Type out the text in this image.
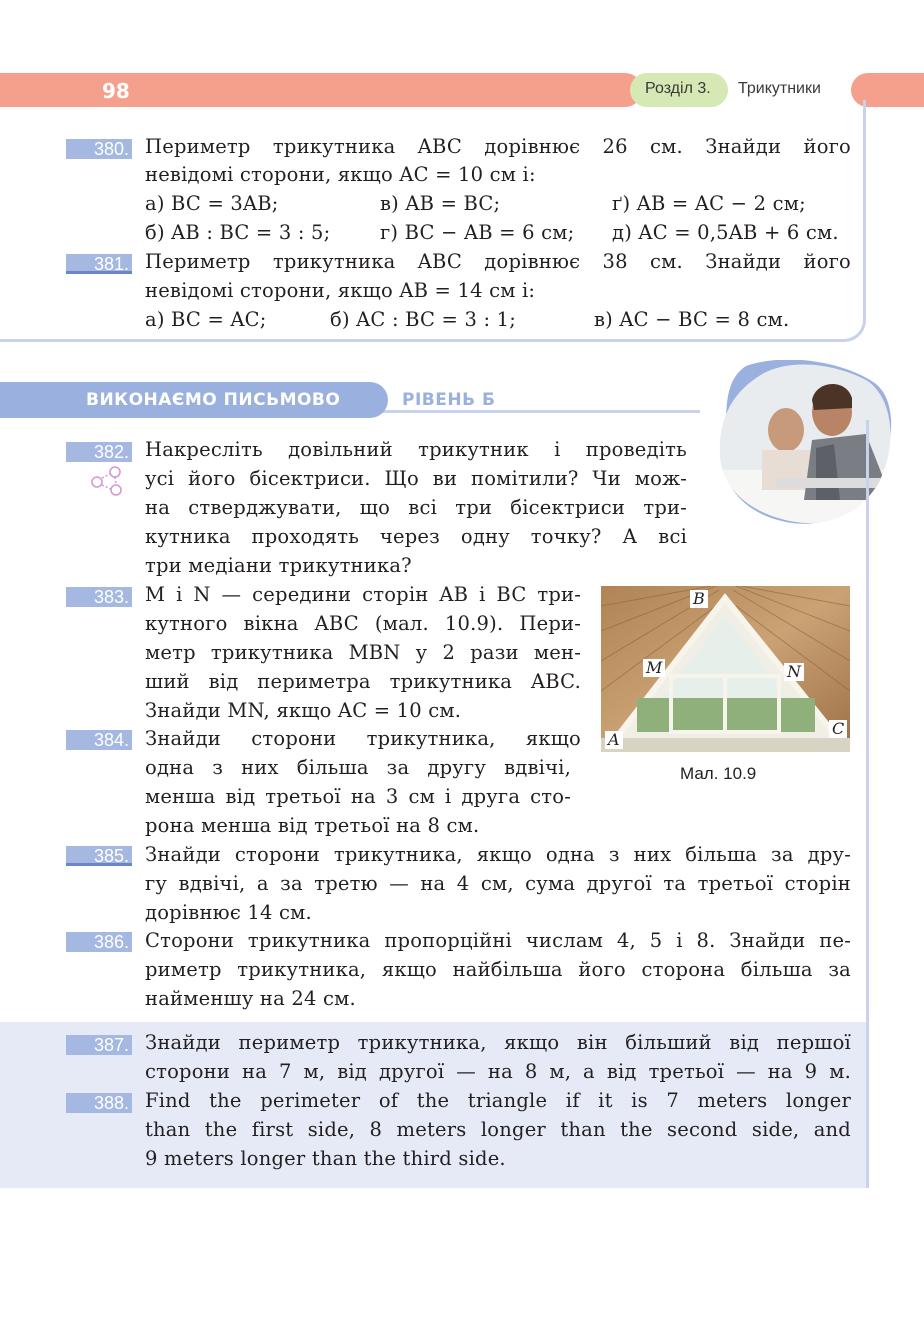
98	Розділ 3. Трикутники
380. Периметр трикутника ABC дорівнює 26 см. Знайди його
невідомі сторони, якщо AC = 10 см і:
а) BC = 3AB;	в) AB = BC;	ґ) AB = AC − 2 см;
б) AB : BC = 3 : 5;	г) BC − AB = 6 см; д) AC = 0,5AB + 6 см.
381. Периметр трикутника ABC дорівнює 38 см. Знайди його
невідомі сторони, якщо AB = 14 см і:
а) BC = AC;	б) AC : BC = 3 : 1;	в) AC − BC = 8 см.
ВИКОНАЄМО ПИСЬМОВО	РІВЕНЬ Б
382. Накресліть довільний трикутник і проведіть
усі його бісектриси. Що ви помітили? Чи мож-
на стверджувати, що всі три бісектриси три-
кутника проходять через одну точку? А всі
три медіани трикутника?
383. M і N — середини сторін AB і BC три-
кутного вікна ABC (мал. 10.9). Пери-
метр трикутника MBN у 2 рази мен-
ший від периметра трикутника ABC.
Знайди MN, якщо AC = 10 см.
384. Знайди сторони трикутника, якщо
одна з них більша за другу вдвічі,
менша від третьої на 3 см і друга сто-
рона менша від третьої на 8 см.
B
M	N
A
C
Мал. 10.9
385. Знайди сторони трикутника, якщо одна з них більша за дру-
гу вдвічі, а за третю — на 4 см, сума другої та третьої сторін
дорівнює 14 см.
386. Сторони трикутника пропорційні числам 4, 5 і 8. Знайди пе-
риметр трикутника, якщо найбільша його сторона більша за
найменшу на 24 см.
387. Знайди периметр трикутника, якщо він більший від першої
сторони на 7 м, від другої — на 8 м, а від третьої — на 9 м.
388. Find the perimeter of the triangle if it is 7 meters longer
than the first side, 8 meters longer than the second side, and
9 meters longer than the third side.
